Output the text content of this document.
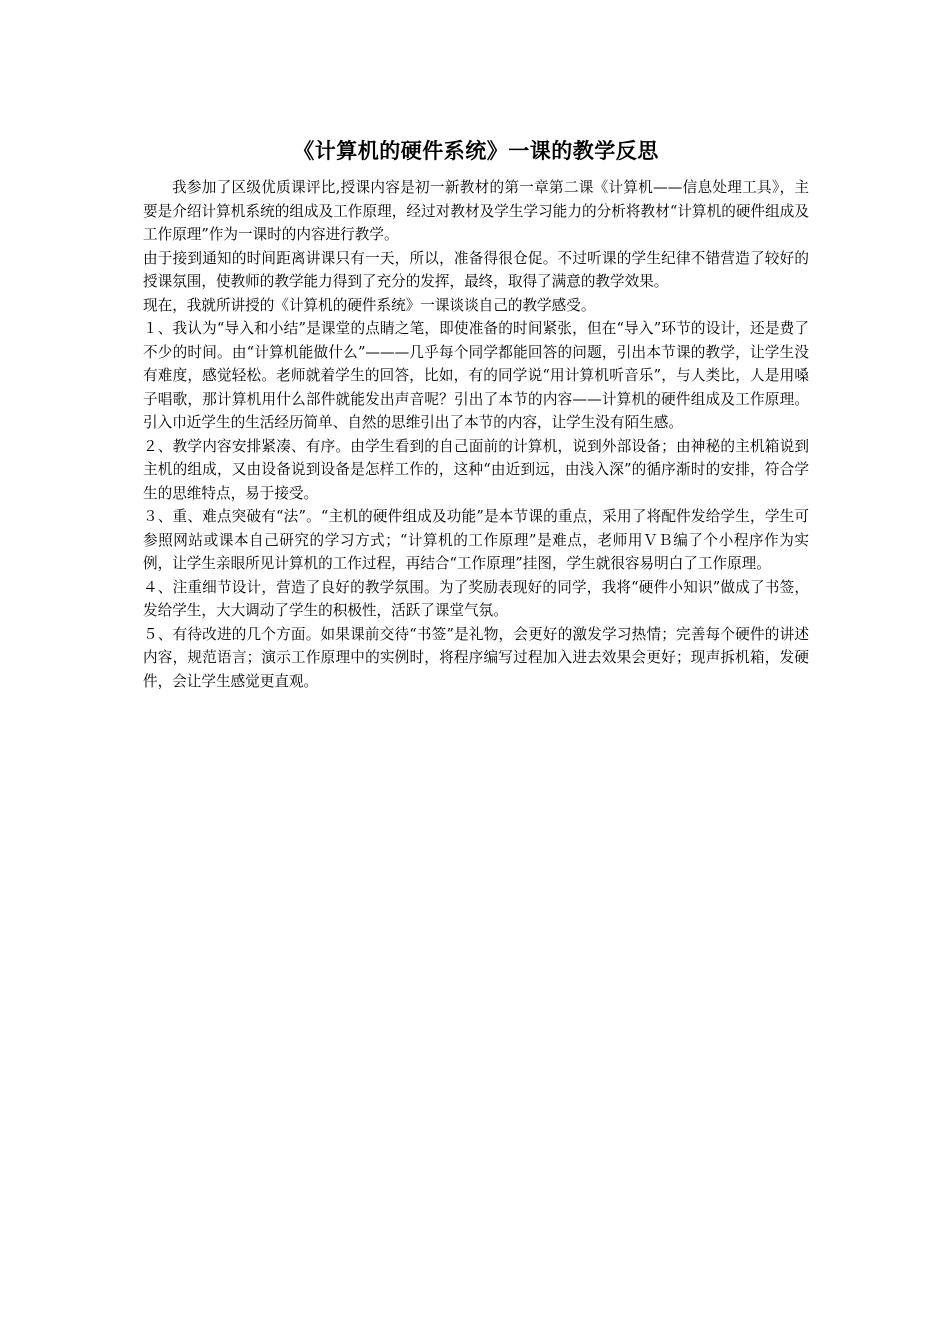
《计算机的硬件系统》一课的教学反思

我参加了区级优质课评比,授课内容是初一新教材的第一章第二课《计算机——信息处理工具》，主要是介绍计算机系统的组成及工作原理，经过对教材及学生学习能力的分析将教材“计算机的硬件组成及工作原理”作为一课时的内容进行教学。

由于接到通知的时间距离讲课只有一天，所以，准备得很仓促。不过听课的学生纪律不错营造了较好的授课氛围，使教师的教学能力得到了充分的发挥，最终，取得了满意的教学效果。

现在，我就所讲授的《计算机的硬件系统》一课谈谈自己的教学感受。

１、我认为“导入和小结”是课堂的点睛之笔，即使准备的时间紧张，但在“导入”环节的设计，还是费了不少的时间。由“计算机能做什么”———几乎每个同学都能回答的问题，引出本节课的教学，让学生没有难度，感觉轻松。老师就着学生的回答，比如，有的同学说“用计算机听音乐”，与人类比，人是用嗓子唱歌，那计算机用什么部件就能发出声音呢？引出了本节的内容——计算机的硬件组成及工作原理。引入巾近学生的生活经历简单、自然的思维引出了本节的内容，让学生没有陌生感。

２、教学内容安排紧凑、有序。由学生看到的自己面前的计算机，说到外部设备；由神秘的主机箱说到主机的组成，又由设备说到设备是怎样工作的，这种“由近到远，由浅入深”的循序渐时的安排，符合学生的思维特点，易于接受。

３、重、难点突破有“法”。“主机的硬件组成及功能”是本节课的重点，采用了将配件发给学生，学生可参照网站或课本自己研究的学习方式；“计算机的工作原理”是难点，老师用ＶＢ编了个小程序作为实例，让学生亲眼所见计算机的工作过程，再结合“工作原理”挂图，学生就很容易明白了工作原理。

４、注重细节设计，营造了良好的教学氛围。为了奖励表现好的同学，我将“硬件小知识”做成了书签，发给学生，大大调动了学生的积极性，活跃了课堂气氛。

５、有待改进的几个方面。如果课前交待“书签”是礼物，会更好的激发学习热情；完善每个硬件的讲述内容，规范语言；演示工作原理中的实例时，将程序编写过程加入进去效果会更好；现声拆机箱，发硬件，会让学生感觉更直观。
